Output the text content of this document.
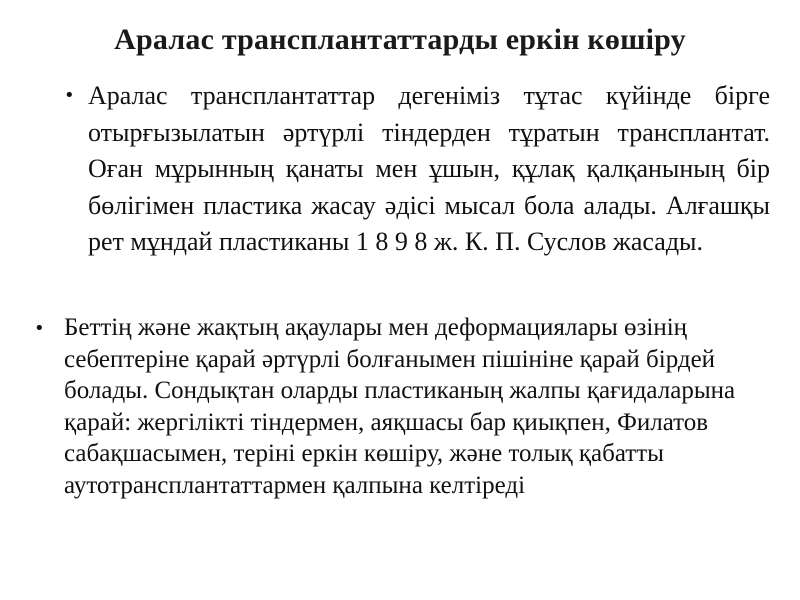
Аралас трансплантаттарды еркін көшіру
• Аралас трансплантаттар дегеніміз тұтас күйінде бірге отырғызылатын әртүрлі тіндерден тұратын трансплантат. Оған мұрынның қанаты мен ұшын, құлақ қалқанының бір бөлігімен пластика жасау әдісі мысал бола алады. Алғашқы рет мұндай пластиканы 1 8 9 8 ж. К. П. Суслов жасады.
• Беттің және жақтың ақаулары мен деформациялары өзінің себептеріне қарай әртүрлі болғанымен пішініне қарай бірдей болады. Сондықтан оларды пластиканың жалпы қағидаларына қарай: жергілікті тіндермен, аяқшасы бар қиықпен, Филатов сабақшасымен, теріні еркін көшіру, және толық қабатты аутотрансплантаттармен қалпына келтіреді
